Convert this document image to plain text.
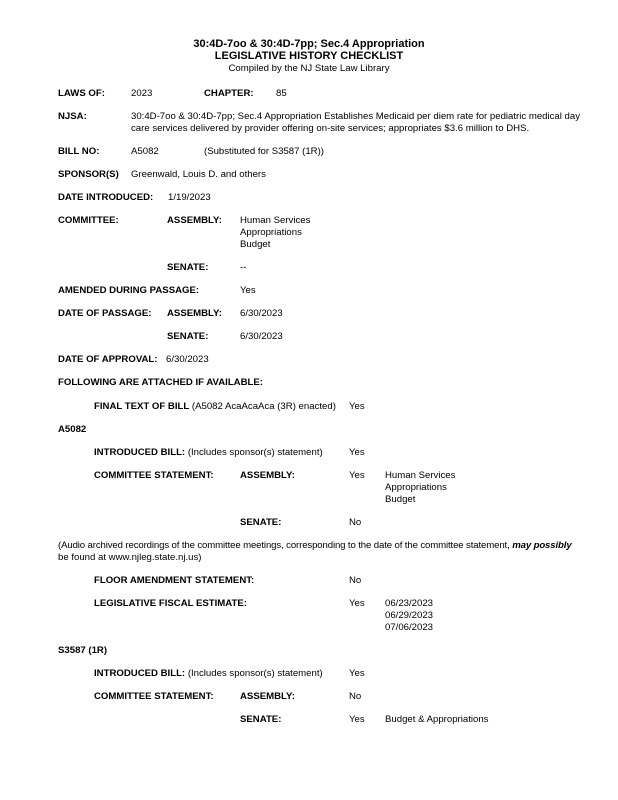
30:4D-7oo & 30:4D-7pp; Sec.4 Appropriation
LEGISLATIVE HISTORY CHECKLIST
Compiled by the NJ State Law Library
LAWS OF:	2023	CHAPTER: 85
NJSA:	30:4D-7oo & 30:4D-7pp; Sec.4 Appropriation Establishes Medicaid per diem rate for pediatric medical day
care services delivered by provider offering on-site services; appropriates $3.6 million to DHS.
BILL NO:	A5082	(Substituted for S3587 (1R))
SPONSOR(S) Greenwald, Louis D. and others
DATE INTRODUCED: 1/19/2023
COMMITTEE:	ASSEMBLY: Human Services
Appropriations
Budget
SENATE:	--
AMENDED DURING PASSAGE:	Yes
DATE OF PASSAGE: ASSEMBLY: 6/30/2023
SENATE:	6/30/2023
DATE OF APPROVAL: 6/30/2023
FOLLOWING ARE ATTACHED IF AVAILABLE:
FINAL TEXT OF BILL (A5082 AcaAcaAca (3R) enacted) Yes
A5082
INTRODUCED BILL: (Includes sponsor(s) statement)	Yes
COMMITTEE STATEMENT:	ASSEMBLY:	Yes Human Services
Appropriations
Budget
SENATE:	No
(Audio archived recordings of the committee meetings, corresponding to the date of the committee statement, may possibly
be found at www.njleg.state.nj.us)
FLOOR AMENDMENT STATEMENT:	No
LEGISLATIVE FISCAL ESTIMATE:	Yes 06/23/2023
06/29/2023
07/06/2023
S3587 (1R)
INTRODUCED BILL: (Includes sponsor(s) statement)	Yes
COMMITTEE STATEMENT:	ASSEMBLY:	No
SENATE:	Yes Budget & Appropriations
